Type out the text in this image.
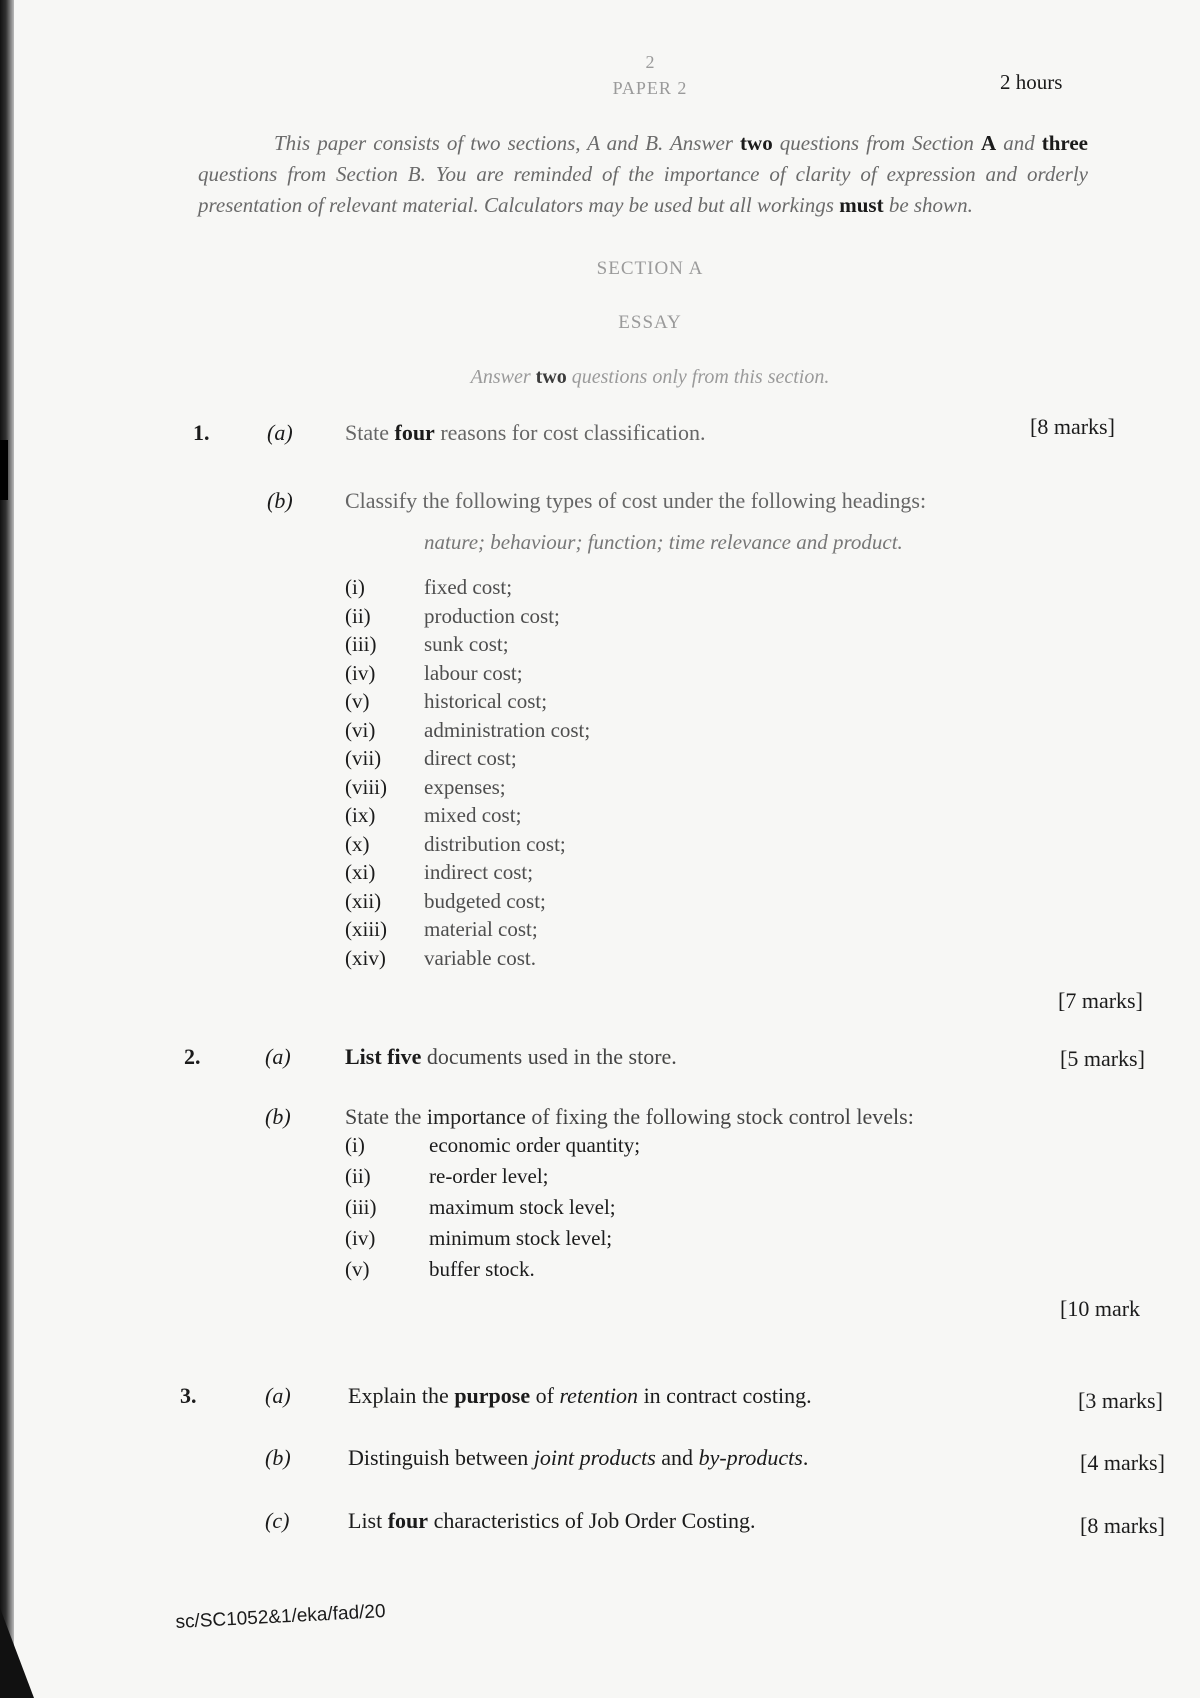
2
PAPER 2	2 hours
This paper consists of two sections, A and B. Answer two questions from Section A and three questions from Section B. You are reminded of the importance of clarity of expression and orderly presentation of relevant material. Calculators may be used but all workings must be shown.
SECTION A
ESSAY
Answer two questions only from this section.
1.	(a) State four reasons for cost classification.	[8 marks]
(b) Classify the following types of cost under the following headings:
nature; behaviour; function; time relevance and product.
(i)	fixed cost;
(ii)	production cost;
(iii) sunk cost;
(iv) labour cost;
(v)	historical cost;
(vi) administration cost;
(vii) direct cost;
(viii) expenses;
(ix) mixed cost;
(x)	distribution cost;
(xi) indirect cost;
(xii) budgeted cost;
(xiii) material cost;
(xiv) variable cost.
[7 marks]
2.	(a) List five documents used in the store.	[5 marks]
(b) State the importance of fixing the following stock control levels:
(i)	economic order quantity;
(ii)	re-order level;
(iii)	maximum stock level;
(iv)	minimum stock level;
(v)	buffer stock.
[10 mark
3.	(a)	Explain the purpose of retention in contract costing.	[3 marks]
(b)	Distinguish between joint products and by-products.	[4 marks]
(c)	List four characteristics of Job Order Costing.	[8 marks]
sc/SC1052&1/eka/fad/20
